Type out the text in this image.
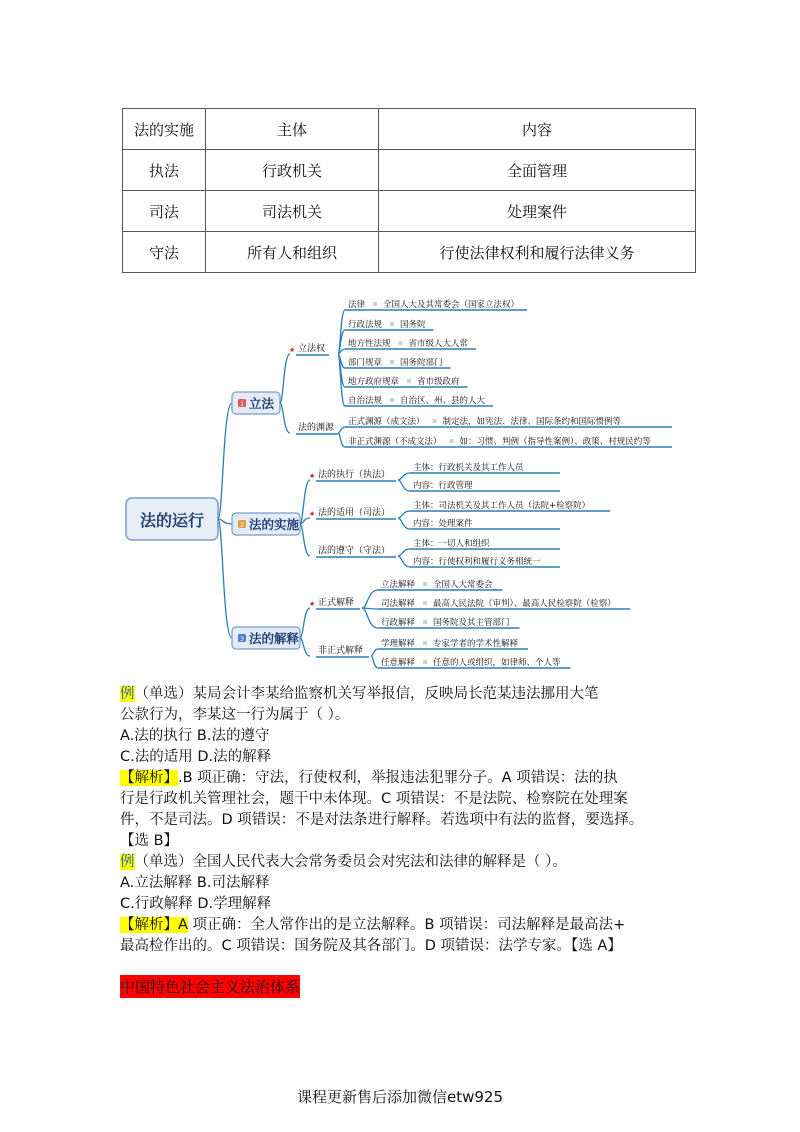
法的实施	主体	内容
执法	行政机关	全面管理
司法	司法机关	处理案件
守法	所有人和组织	行使法律权利和履行法律义务
法的运行
1 立法
2 法的实施
3 法的解释
★ 立法权
法的渊源
法律 全国人大及其常委会（国家立法权）
行政法规 国务院
地方性法规 省市级人大人常
部门规章 国务院部门
地方政府规章 省市级政府
自治法规 自治区、州、县的人大
正式渊源（成文法） 制定法，如宪法、法律、国际条约和国际惯例等
非正式渊源（不成文法） 如：习惯、判例（指导性案例）、政策、村规民约等
★ 法的执行（执法）
主体：行政机关及其工作人员
内容：行政管理
★ 法的适用（司法）
主体：司法机关及其工作人员（法院+检察院）
内容：处理案件
法的遵守（守法）
主体：一切人和组织
内容：行使权利和履行义务相统一
★ 正式解释
立法解释 全国人大常委会
司法解释 最高人民法院（审判）、最高人民检察院（检察）
行政解释 国务院及其主管部门
非正式解释
学理解释 专家学者的学术性解释
任意解释 任意的人或组织，如律师、个人等
例（单选）某局会计李某给监察机关写举报信，反映局长范某违法挪用大笔
公款行为，李某这一行为属于（ ）。
A.法的执行 B.法的遵守
C.法的适用 D.法的解释
【解析】.B 项正确：守法，行使权利，举报违法犯罪分子。A 项错误：法的执
行是行政机关管理社会，题干中未体现。C 项错误：不是法院、检察院在处理案
件，不是司法。D 项错误：不是对法条进行解释。若选项中有法的监督，要选择。
【选 B】
例（单选）全国人民代表大会常务委员会对宪法和法律的解释是（ ）。
A.立法解释 B.司法解释
C.行政解释 D.学理解释
【解析】A 项正确：全人常作出的是立法解释。B 项错误：司法解释是最高法+
最高检作出的。C 项错误：国务院及其各部门。D 项错误：法学专家。【选 A】
中国特色社会主义法治体系
课程更新售后添加微信etw925
